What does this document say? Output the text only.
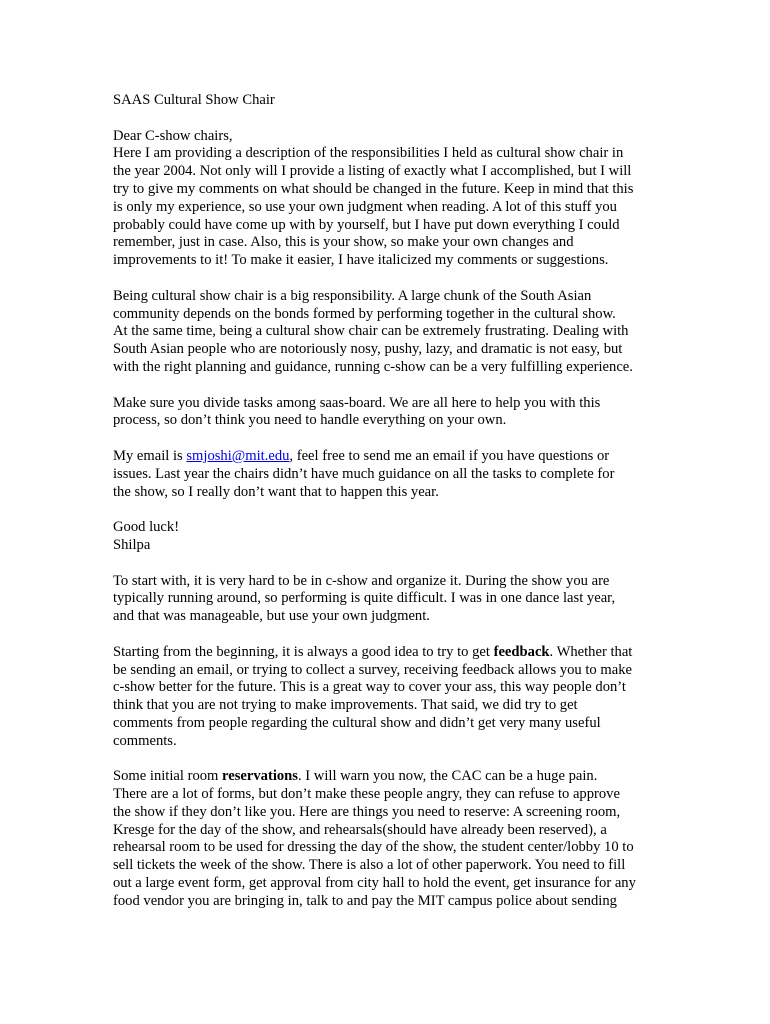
SAAS Cultural Show Chair
Dear C-show chairs,
Here I am providing a description of the responsibilities I held as cultural show chair in
the year 2004. Not only will I provide a listing of exactly what I accomplished, but I will
try to give my comments on what should be changed in the future. Keep in mind that this
is only my experience, so use your own judgment when reading. A lot of this stuff you
probably could have come up with by yourself, but I have put down everything I could
remember, just in case. Also, this is your show, so make your own changes and
improvements to it! To make it easier, I have italicized my comments or suggestions.
Being cultural show chair is a big responsibility. A large chunk of the South Asian
community depends on the bonds formed by performing together in the cultural show.
At the same time, being a cultural show chair can be extremely frustrating. Dealing with
South Asian people who are notoriously nosy, pushy, lazy, and dramatic is not easy, but
with the right planning and guidance, running c-show can be a very fulfilling experience.
Make sure you divide tasks among saas-board. We are all here to help you with this
process, so don’t think you need to handle everything on your own.
My email is smjoshi@mit.edu, feel free to send me an email if you have questions or
issues. Last year the chairs didn’t have much guidance on all the tasks to complete for
the show, so I really don’t want that to happen this year.
Good luck!
Shilpa
To start with, it is very hard to be in c-show and organize it. During the show you are
typically running around, so performing is quite difficult. I was in one dance last year,
and that was manageable, but use your own judgment.
Starting from the beginning, it is always a good idea to try to get feedback. Whether that
be sending an email, or trying to collect a survey, receiving feedback allows you to make
c-show better for the future. This is a great way to cover your ass, this way people don’t
think that you are not trying to make improvements. That said, we did try to get
comments from people regarding the cultural show and didn’t get very many useful
comments.
Some initial room reservations. I will warn you now, the CAC can be a huge pain.
There are a lot of forms, but don’t make these people angry, they can refuse to approve
the show if they don’t like you. Here are things you need to reserve: A screening room,
Kresge for the day of the show, and rehearsals(should have already been reserved), a
rehearsal room to be used for dressing the day of the show, the student center/lobby 10 to
sell tickets the week of the show. There is also a lot of other paperwork. You need to fill
out a large event form, get approval from city hall to hold the event, get insurance for any
food vendor you are bringing in, talk to and pay the MIT campus police about sending
